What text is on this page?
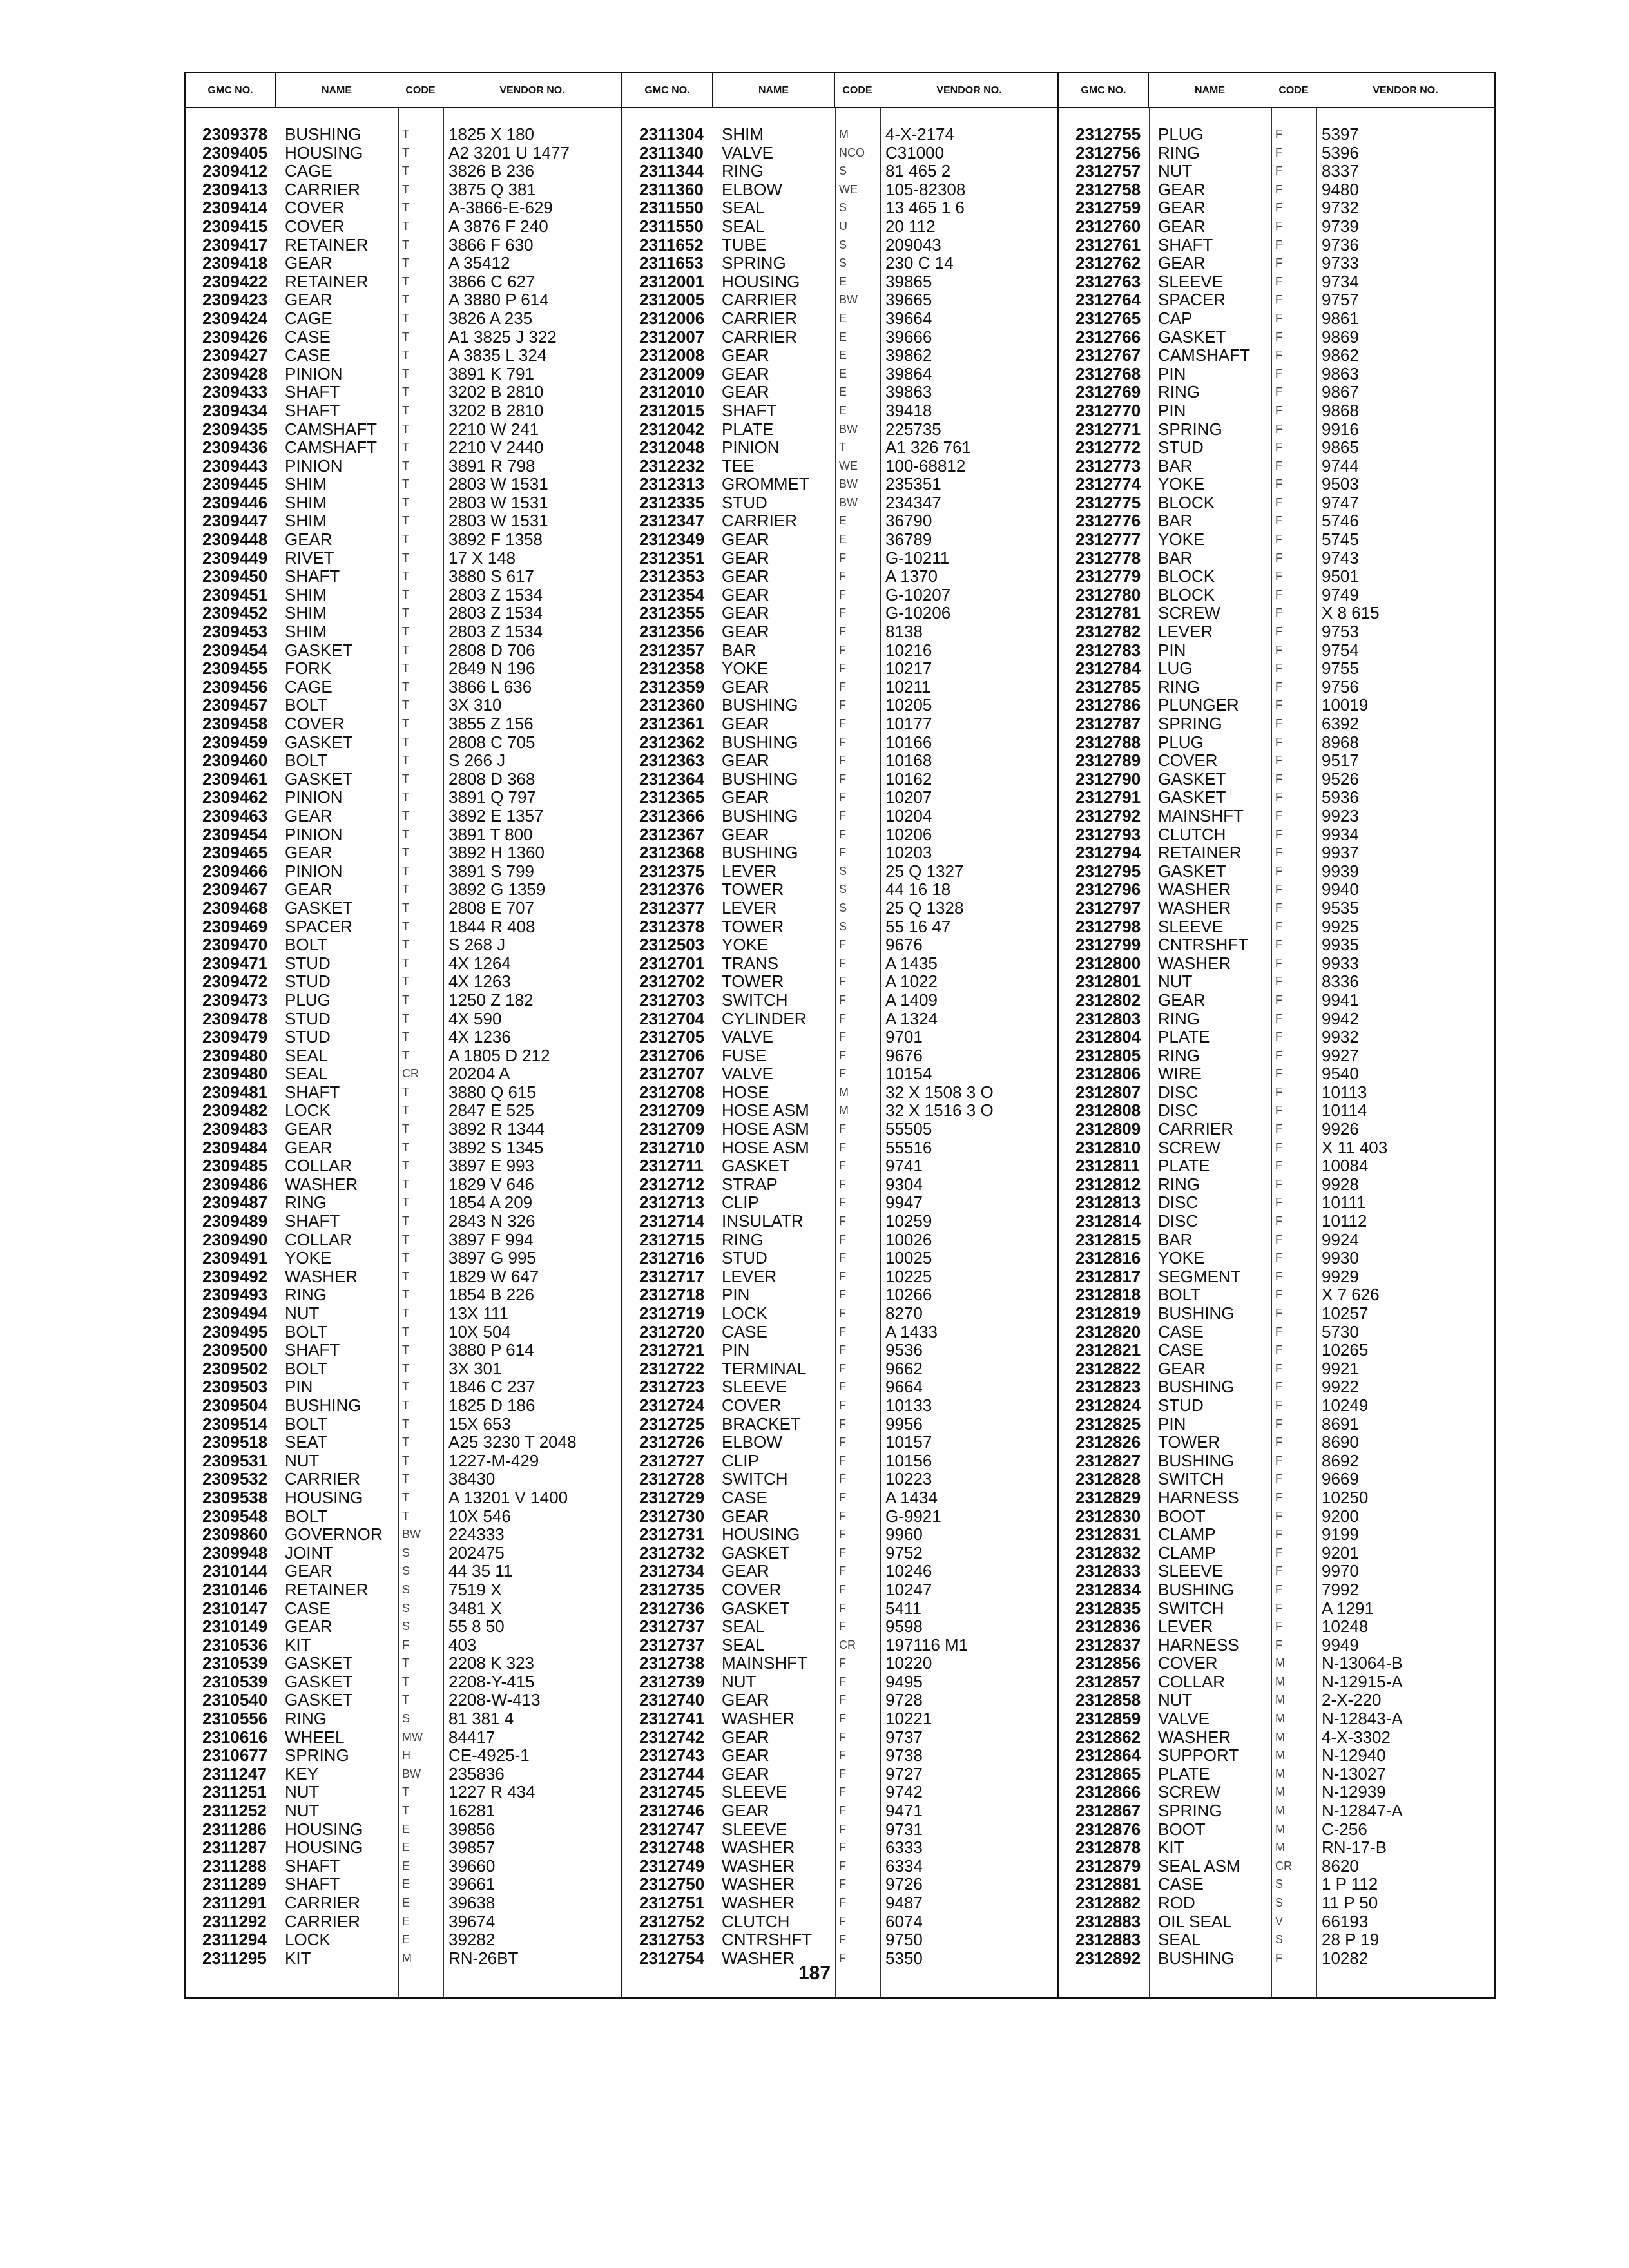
GMC NO.	NAME	CODE	VENDOR NO.
2309378	BUSHING	T	1825 X 180
2309405	HOUSING	T	A2 3201 U 1477
2309412	CAGE	T	3826 B 236
2309413	CARRIER	T	3875 Q 381
2309414	COVER	T	A-3866-E-629
2309415	COVER	T	A 3876 F 240
2309417	RETAINER	T	3866 F 630
2309418	GEAR	T	A 35412
2309422	RETAINER	T	3866 C 627
2309423	GEAR	T	A 3880 P 614
2309424	CAGE	T	3826 A 235
2309426	CASE	T	A1 3825 J 322
2309427	CASE	T	A 3835 L 324
2309428	PINION	T	3891 K 791
2309433	SHAFT	T	3202 B 2810
2309434	SHAFT	T	3202 B 2810
2309435	CAMSHAFT	T	2210 W 241
2309436	CAMSHAFT	T	2210 V 2440
2309443	PINION	T	3891 R 798
2309445	SHIM	T	2803 W 1531
2309446	SHIM	T	2803 W 1531
2309447	SHIM	T	2803 W 1531
2309448	GEAR	T	3892 F 1358
2309449	RIVET	T	17 X 148
2309450	SHAFT	T	3880 S 617
2309451	SHIM	T	2803 Z 1534
2309452	SHIM	T	2803 Z 1534
2309453	SHIM	T	2803 Z 1534
2309454	GASKET	T	2808 D 706
2309455	FORK	T	2849 N 196
2309456	CAGE	T	3866 L 636
2309457	BOLT	T	3X 310
2309458	COVER	T	3855 Z 156
2309459	GASKET	T	2808 C 705
2309460	BOLT	T	S 266 J
2309461	GASKET	T	2808 D 368
2309462	PINION	T	3891 Q 797
2309463	GEAR	T	3892 E 1357
2309454	PINION	T	3891 T 800
2309465	GEAR	T	3892 H 1360
2309466	PINION	T	3891 S 799
2309467	GEAR	T	3892 G 1359
2309468	GASKET	T	2808 E 707
2309469	SPACER	T	1844 R 408
2309470	BOLT	T	S 268 J
2309471	STUD	T	4X 1264
2309472	STUD	T	4X 1263
2309473	PLUG	T	1250 Z 182
2309478	STUD	T	4X 590
2309479	STUD	T	4X 1236
2309480	SEAL	T	A 1805 D 212
2309480	SEAL	CR	20204 A
2309481	SHAFT	T	3880 Q 615
2309482	LOCK	T	2847 E 525
2309483	GEAR	T	3892 R 1344
2309484	GEAR	T	3892 S 1345
2309485	COLLAR	T	3897 E 993
2309486	WASHER	T	1829 V 646
2309487	RING	T	1854 A 209
2309489	SHAFT	T	2843 N 326
2309490	COLLAR	T	3897 F 994
2309491	YOKE	T	3897 G 995
2309492	WASHER	T	1829 W 647
2309493	RING	T	1854 B 226
2309494	NUT	T	13X 111
2309495	BOLT	T	10X 504
2309500	SHAFT	T	3880 P 614
2309502	BOLT	T	3X 301
2309503	PIN	T	1846 C 237
2309504	BUSHING	T	1825 D 186
2309514	BOLT	T	15X 653
2309518	SEAT	T	A25 3230 T 2048
2309531	NUT	T	1227-M-429
2309532	CARRIER	T	38430
2309538	HOUSING	T	A 13201 V 1400
2309548	BOLT	T	10X 546
2309860	GOVERNOR	BW	224333
2309948	JOINT	S	202475
2310144	GEAR	S	44 35 11
2310146	RETAINER	S	7519 X
2310147	CASE	S	3481 X
2310149	GEAR	S	55 8 50
2310536	KIT	F	403
2310539	GASKET	T	2208 K 323
2310539	GASKET	T	2208-Y-415
2310540	GASKET	T	2208-W-413
2310556	RING	S	81 381 4
2310616	WHEEL	MW	84417
2310677	SPRING	H	CE-4925-1
2311247	KEY	BW	235836
2311251	NUT	T	1227 R 434
2311252	NUT	T	16281
2311286	HOUSING	E	39856
2311287	HOUSING	E	39857
2311288	SHAFT	E	39660
2311289	SHAFT	E	39661
2311291	CARRIER	E	39638
2311292	CARRIER	E	39674
2311294	LOCK	E	39282
2311295	KIT	M	RN-26BT
GMC NO.	NAME	CODE	VENDOR NO.
2311304	SHIM	M	4-X-2174
2311340	VALVE	NCO	C31000
2311344	RING	S	81 465 2
2311360	ELBOW	WE	105-82308
2311550	SEAL	S	13 465 1 6
2311550	SEAL	U	20 112
2311652	TUBE	S	209043
2311653	SPRING	S	230 C 14
2312001	HOUSING	E	39865
2312005	CARRIER	BW	39665
2312006	CARRIER	E	39664
2312007	CARRIER	E	39666
2312008	GEAR	E	39862
2312009	GEAR	E	39864
2312010	GEAR	E	39863
2312015	SHAFT	E	39418
2312042	PLATE	BW	225735
2312048	PINION	T	A1 326 761
2312232	TEE	WE	100-68812
2312313	GROMMET	BW	235351
2312335	STUD	BW	234347
2312347	CARRIER	E	36790
2312349	GEAR	E	36789
2312351	GEAR	F	G-10211
2312353	GEAR	F	A 1370
2312354	GEAR	F	G-10207
2312355	GEAR	F	G-10206
2312356	GEAR	F	8138
2312357	BAR	F	10216
2312358	YOKE	F	10217
2312359	GEAR	F	10211
2312360	BUSHING	F	10205
2312361	GEAR	F	10177
2312362	BUSHING	F	10166
2312363	GEAR	F	10168
2312364	BUSHING	F	10162
2312365	GEAR	F	10207
2312366	BUSHING	F	10204
2312367	GEAR	F	10206
2312368	BUSHING	F	10203
2312375	LEVER	S	25 Q 1327
2312376	TOWER	S	44 16 18
2312377	LEVER	S	25 Q 1328
2312378	TOWER	S	55 16 47
2312503	YOKE	F	9676
2312701	TRANS	F	A 1435
2312702	TOWER	F	A 1022
2312703	SWITCH	F	A 1409
2312704	CYLINDER	F	A 1324
2312705	VALVE	F	9701
2312706	FUSE	F	9676
2312707	VALVE	F	10154
2312708	HOSE	M	32 X 1508 3 O
2312709	HOSE ASM	M	32 X 1516 3 O
2312709	HOSE ASM	F	55505
2312710	HOSE ASM	F	55516
2312711	GASKET	F	9741
2312712	STRAP	F	9304
2312713	CLIP	F	9947
2312714	INSULATR	F	10259
2312715	RING	F	10026
2312716	STUD	F	10025
2312717	LEVER	F	10225
2312718	PIN	F	10266
2312719	LOCK	F	8270
2312720	CASE	F	A 1433
2312721	PIN	F	9536
2312722	TERMINAL	F	9662
2312723	SLEEVE	F	9664
2312724	COVER	F	10133
2312725	BRACKET	F	9956
2312726	ELBOW	F	10157
2312727	CLIP	F	10156
2312728	SWITCH	F	10223
2312729	CASE	F	A 1434
2312730	GEAR	F	G-9921
2312731	HOUSING	F	9960
2312732	GASKET	F	9752
2312734	GEAR	F	10246
2312735	COVER	F	10247
2312736	GASKET	F	5411
2312737	SEAL	F	9598
2312737	SEAL	CR	197116 M1
2312738	MAINSHFT	F	10220
2312739	NUT	F	9495
2312740	GEAR	F	9728
2312741	WASHER	F	10221
2312742	GEAR	F	9737
2312743	GEAR	F	9738
2312744	GEAR	F	9727
2312745	SLEEVE	F	9742
2312746	GEAR	F	9471
2312747	SLEEVE	F	9731
2312748	WASHER	F	6333
2312749	WASHER	F	6334
2312750	WASHER	F	9726
2312751	WASHER	F	9487
2312752	CLUTCH	F	6074
2312753	CNTRSHFT	F	9750
2312754	WASHER	F	5350
GMC NO.	NAME	CODE	VENDOR NO.
2312755	PLUG	F	5397
2312756	RING	F	5396
2312757	NUT	F	8337
2312758	GEAR	F	9480
2312759	GEAR	F	9732
2312760	GEAR	F	9739
2312761	SHAFT	F	9736
2312762	GEAR	F	9733
2312763	SLEEVE	F	9734
2312764	SPACER	F	9757
2312765	CAP	F	9861
2312766	GASKET	F	9869
2312767	CAMSHAFT	F	9862
2312768	PIN	F	9863
2312769	RING	F	9867
2312770	PIN	F	9868
2312771	SPRING	F	9916
2312772	STUD	F	9865
2312773	BAR	F	9744
2312774	YOKE	F	9503
2312775	BLOCK	F	9747
2312776	BAR	F	5746
2312777	YOKE	F	5745
2312778	BAR	F	9743
2312779	BLOCK	F	9501
2312780	BLOCK	F	9749
2312781	SCREW	F	X 8 615
2312782	LEVER	F	9753
2312783	PIN	F	9754
2312784	LUG	F	9755
2312785	RING	F	9756
2312786	PLUNGER	F	10019
2312787	SPRING	F	6392
2312788	PLUG	F	8968
2312789	COVER	F	9517
2312790	GASKET	F	9526
2312791	GASKET	F	5936
2312792	MAINSHFT	F	9923
2312793	CLUTCH	F	9934
2312794	RETAINER	F	9937
2312795	GASKET	F	9939
2312796	WASHER	F	9940
2312797	WASHER	F	9535
2312798	SLEEVE	F	9925
2312799	CNTRSHFT	F	9935
2312800	WASHER	F	9933
2312801	NUT	F	8336
2312802	GEAR	F	9941
2312803	RING	F	9942
2312804	PLATE	F	9932
2312805	RING	F	9927
2312806	WIRE	F	9540
2312807	DISC	F	10113
2312808	DISC	F	10114
2312809	CARRIER	F	9926
2312810	SCREW	F	X 11 403
2312811	PLATE	F	10084
2312812	RING	F	9928
2312813	DISC	F	10111
2312814	DISC	F	10112
2312815	BAR	F	9924
2312816	YOKE	F	9930
2312817	SEGMENT	F	9929
2312818	BOLT	F	X 7 626
2312819	BUSHING	F	10257
2312820	CASE	F	5730
2312821	CASE	F	10265
2312822	GEAR	F	9921
2312823	BUSHING	F	9922
2312824	STUD	F	10249
2312825	PIN	F	8691
2312826	TOWER	F	8690
2312827	BUSHING	F	8692
2312828	SWITCH	F	9669
2312829	HARNESS	F	10250
2312830	BOOT	F	9200
2312831	CLAMP	F	9199
2312832	CLAMP	F	9201
2312833	SLEEVE	F	9970
2312834	BUSHING	F	7992
2312835	SWITCH	F	A 1291
2312836	LEVER	F	10248
2312837	HARNESS	F	9949
2312856	COVER	M	N-13064-B
2312857	COLLAR	M	N-12915-A
2312858	NUT	M	2-X-220
2312859	VALVE	M	N-12843-A
2312862	WASHER	M	4-X-3302
2312864	SUPPORT	M	N-12940
2312865	PLATE	M	N-13027
2312866	SCREW	M	N-12939
2312867	SPRING	M	N-12847-A
2312876	BOOT	M	C-256
2312878	KIT	M	RN-17-B
2312879	SEAL ASM	CR	8620
2312881	CASE	S	1 P 112
2312882	ROD	S	11 P 50
2312883	OIL SEAL	V	66193
2312883	SEAL	S	28 P 19
2312892	BUSHING	F	10282
187
